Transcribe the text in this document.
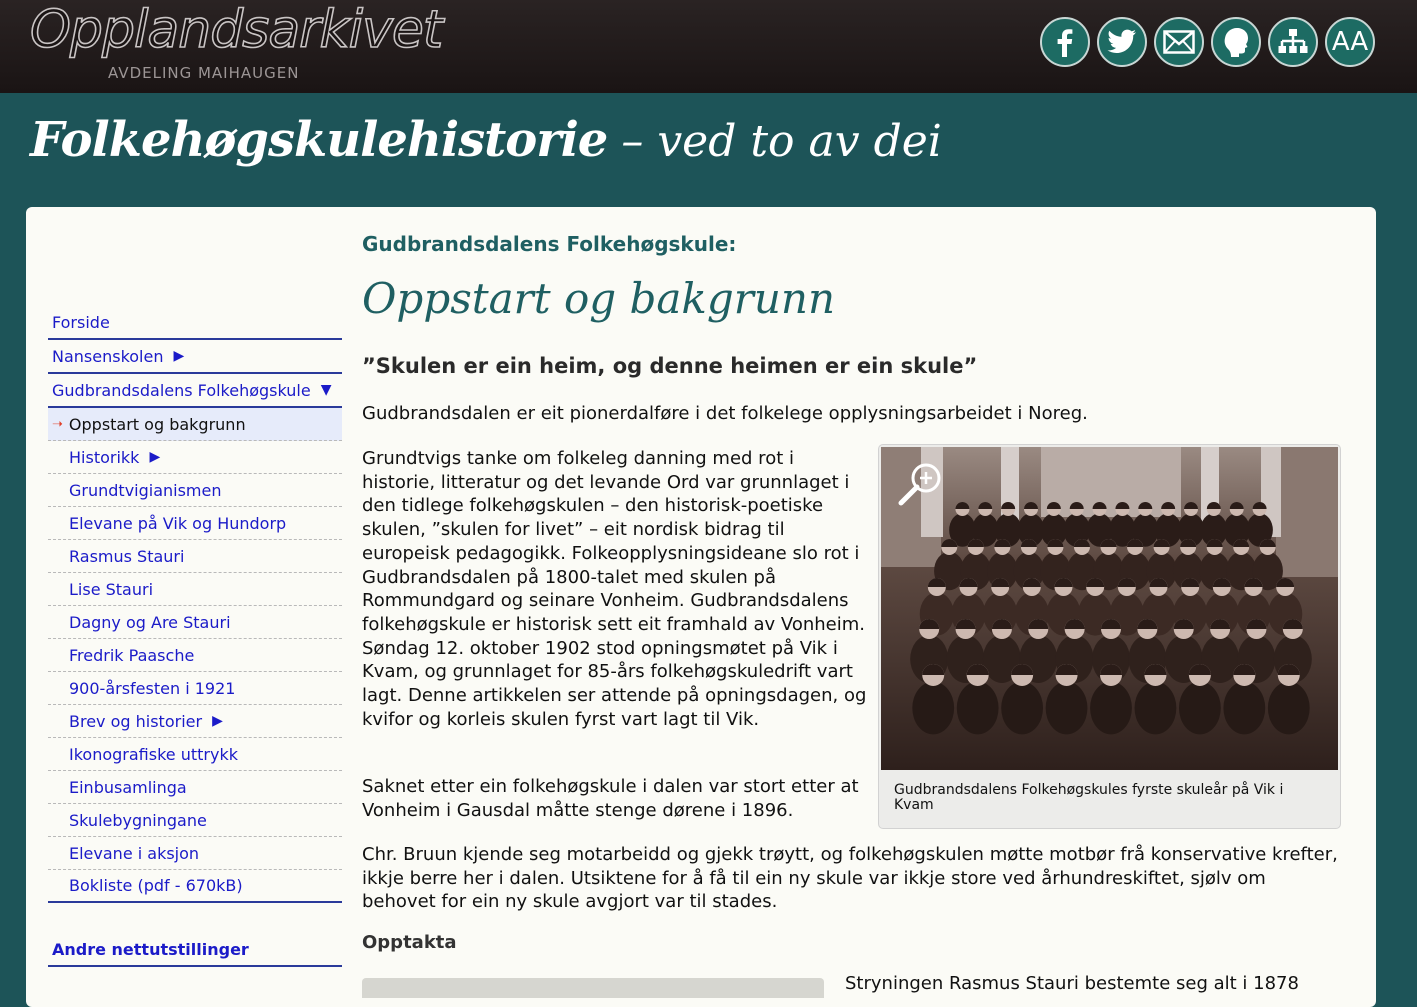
Opplandsarkivet
AVDELING MAIHAUGEN
AA
Folkehøgskulehistorie – ved to av dei
Forside
Nansenskolen ▶
Gudbrandsdalens Folkehøgskule ▼
➝ Oppstart og bakgrunn
Historikk ▶
Grundtvigianismen
Elevane på Vik og Hundorp
Rasmus Stauri
Lise Stauri
Dagny og Are Stauri
Fredrik Paasche
900-årsfesten i 1921
Brev og historier ▶
Ikonografiske uttrykk
Einbusamlinga
Skulebygningane
Elevane i aksjon
Bokliste (pdf - 670kB)
Andre nettutstillinger
Gudbrandsdalens Folkehøgskule:
Oppstart og bakgrunn
”Skulen er ein heim, og denne heimen er ein skule”
Gudbrandsdalen er eit pionerdalføre i det folkelege opplysningsarbeidet i Noreg.
Grundtvigs tanke om folkeleg danning med rot i historie, litteratur og det levande Ord var grunnlaget i den tidlege folkehøgskulen – den historisk-poetiske skulen, ”skulen for livet” – eit nordisk bidrag til europeisk pedagogikk. Folkeopplysningsideane slo rot i Gudbrandsdalen på 1800-talet med skulen på Rommundgard og seinare Vonheim. Gudbrandsdalens folkehøgskule er historisk sett eit framhald av Vonheim. Søndag 12. oktober 1902 stod opningsmøtet på Vik i Kvam, og grunnlaget for 85-års folkehøgskuledrift vart lagt. Denne artikkelen ser attende på opningsdagen, og kvifor og korleis skulen fyrst vart lagt til Vik.
Saknet etter ein folkehøgskule i dalen var stort etter at Vonheim i Gausdal måtte stenge dørene i 1896.
Chr. Bruun kjende seg motarbeidd og gjekk trøytt, og folkehøgskulen møtte motbør frå konservative krefter, ikkje berre her i dalen. Utsiktene for å få til ein ny skule var ikkje store ved århundreskiftet, sjølv om behovet for ein ny skule avgjort var til stades.
Opptakta
Stryningen Rasmus Stauri bestemte seg alt i 1878
Gudbrandsdalens Folkehøgskules fyrste skuleår på Vik i Kvam
